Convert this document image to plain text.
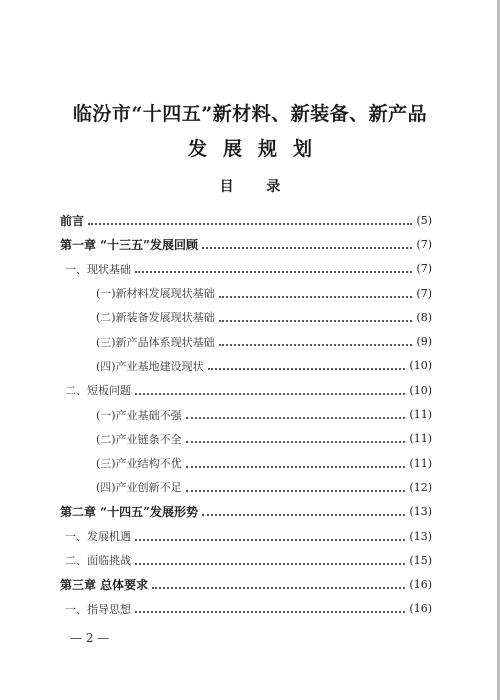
临汾市“十四五”新材料、新装备、新产品
发展规划
目 录
前言	(5)
第一章 “十三五”发展回顾	(7)
一、现状基础	(7)
(一)新材料发展现状基础	(7)
(二)新装备发展现状基础	(8)
(三)新产品体系现状基础	(9)
(四)产业基地建设现状	(10)
二、短板问题	(10)
(一)产业基础不强	(11)
(二)产业链条不全	(11)
(三)产业结构不优	(11)
(四)产业创新不足	(12)
第二章 “十四五”发展形势	(13)
一、发展机遇	(13)
二、面临挑战	(15)
第三章 总体要求	(16)
一、指导思想	(16)
— 2 —
